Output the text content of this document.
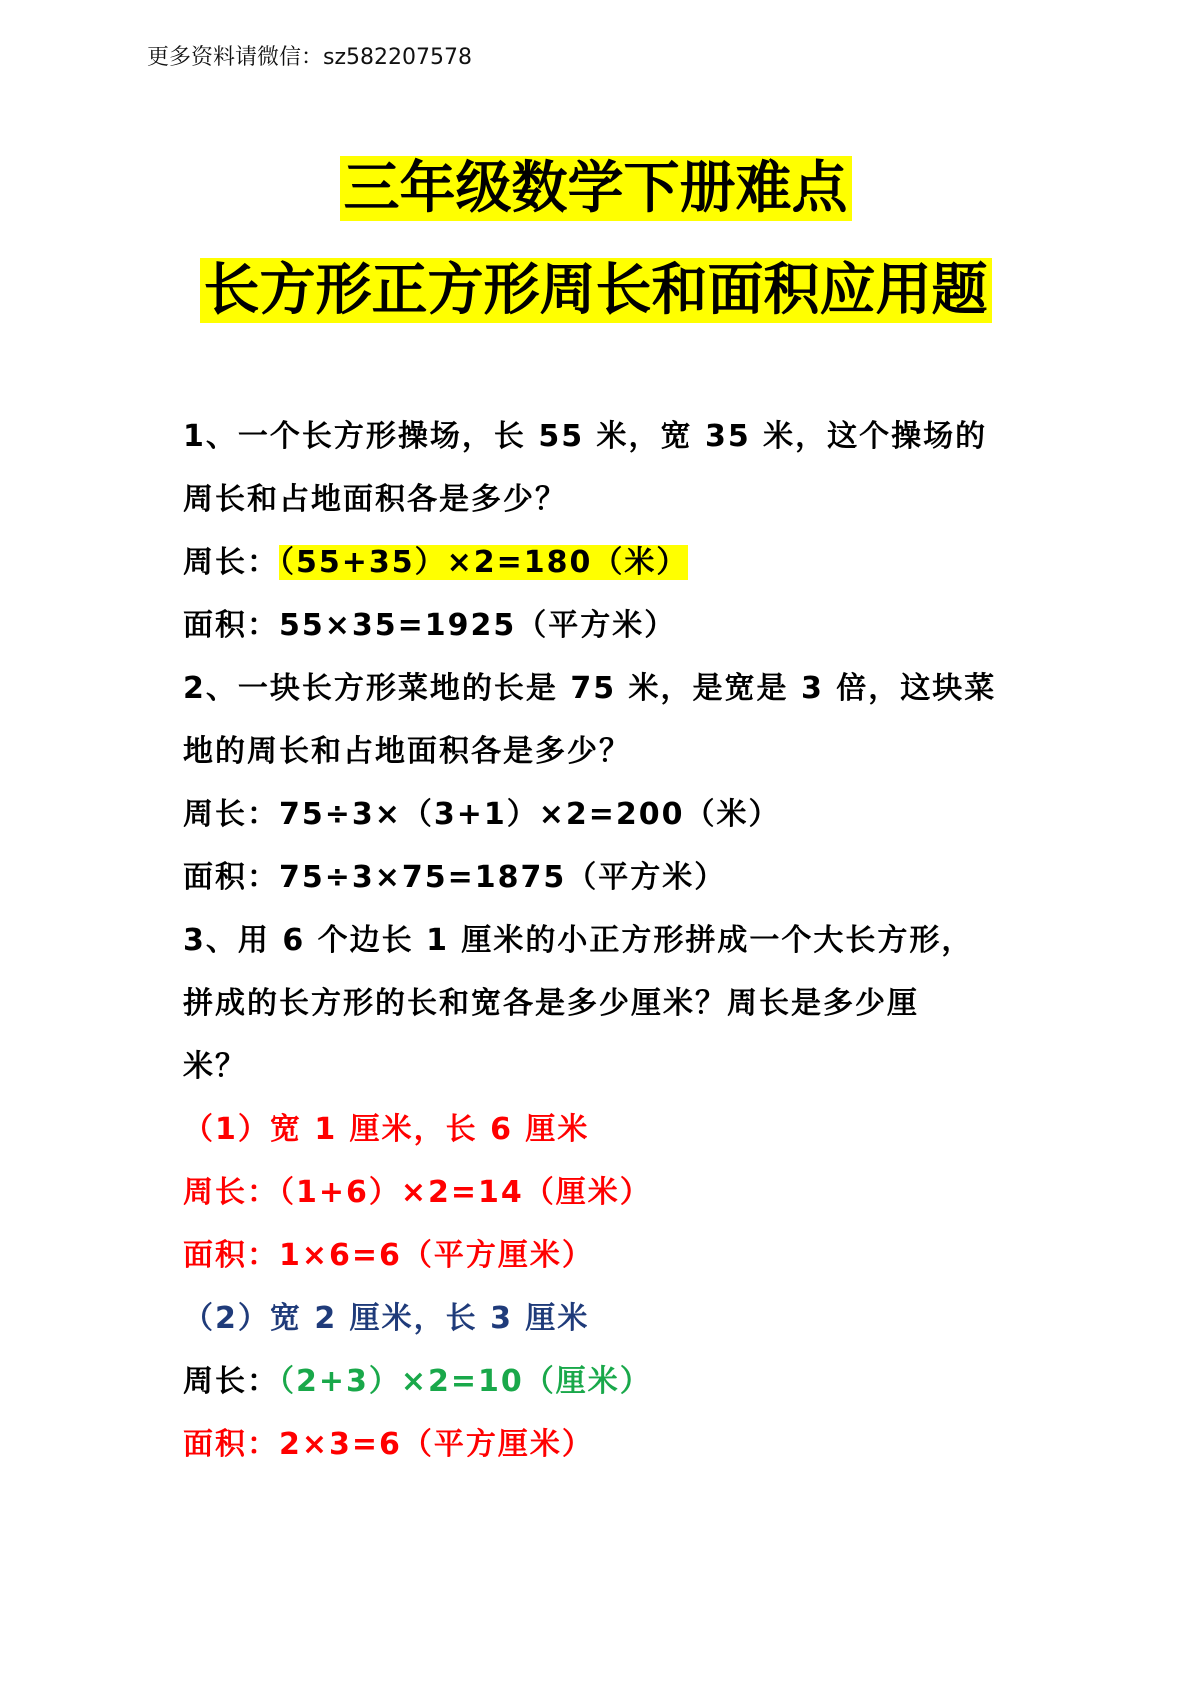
更多资料请微信：sz582207578
三年级数学下册难点
长方形正方形周长和面积应用题
1、一个长方形操场，长 55 米，宽 35 米，这个操场的
周长和占地面积各是多少？
周长：（55+35）×2=180（米）
面积：55×35=1925（平方米）
2、一块长方形菜地的长是 75 米，是宽是 3 倍，这块菜
地的周长和占地面积各是多少？
周长：75÷3×（3+1）×2=200（米）
面积：75÷3×75=1875（平方米）
3、用 6 个边长 1 厘米的小正方形拼成一个大长方形，
拼成的长方形的长和宽各是多少厘米？周长是多少厘
米？
（1）宽 1 厘米，长 6 厘米
周长：（1+6）×2=14（厘米）
面积：1×6=6（平方厘米）
（2）宽 2 厘米，长 3 厘米
周长：（2+3）×2=10（厘米）
面积：2×3=6（平方厘米）
